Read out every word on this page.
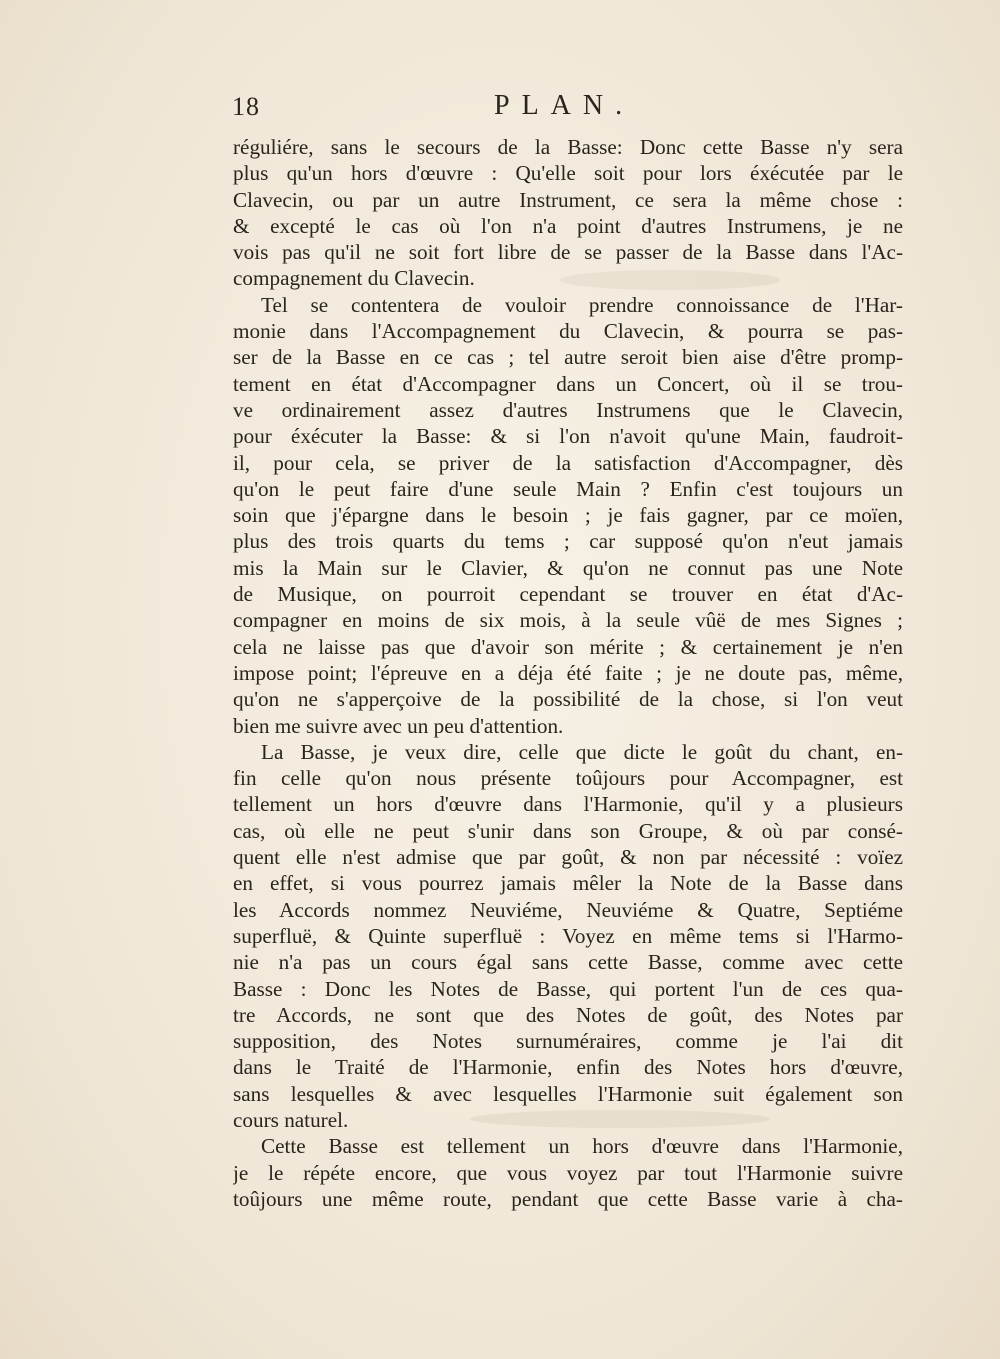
18	PLAN.
réguliére, sans le secours de la Basse: Donc cette Basse n'y sera
plus qu'un hors d'œuvre : Qu'elle soit pour lors éxécutée par le
Clavecin, ou par un autre Instrument, ce sera la même chose :
& excepté le cas où l'on n'a point d'autres Instrumens, je ne
vois pas qu'il ne soit fort libre de se passer de la Basse dans l'Ac-
compagnement du Clavecin.
Tel se contentera de vouloir prendre connoissance de l'Har-
monie dans l'Accompagnement du Clavecin, & pourra se pas-
ser de la Basse en ce cas ; tel autre seroit bien aise d'être promp-
tement en état d'Accompagner dans un Concert, où il se trou-
ve ordinairement assez d'autres Instrumens que le Clavecin,
pour éxécuter la Basse: & si l'on n'avoit qu'une Main, faudroit-
il, pour cela, se priver de la satisfaction d'Accompagner, dès
qu'on le peut faire d'une seule Main ? Enfin c'est toujours un
soin que j'épargne dans le besoin ; je fais gagner, par ce moïen,
plus des trois quarts du tems ; car supposé qu'on n'eut jamais
mis la Main sur le Clavier, & qu'on ne connut pas une Note
de Musique, on pourroit cependant se trouver en état d'Ac-
compagner en moins de six mois, à la seule vûë de mes Signes ;
cela ne laisse pas que d'avoir son mérite ; & certainement je n'en
impose point; l'épreuve en a déja été faite ; je ne doute pas, même,
qu'on ne s'apperçoive de la possibilité de la chose, si l'on veut
bien me suivre avec un peu d'attention.
La Basse, je veux dire, celle que dicte le goût du chant, en-
fin celle qu'on nous présente toûjours pour Accompagner, est
tellement un hors d'œuvre dans l'Harmonie, qu'il y a plusieurs
cas, où elle ne peut s'unir dans son Groupe, & où par consé-
quent elle n'est admise que par goût, & non par nécessité : voïez
en effet, si vous pourrez jamais mêler la Note de la Basse dans
les Accords nommez Neuviéme, Neuviéme & Quatre, Septiéme
superfluë, & Quinte superfluë : Voyez en même tems si l'Harmo-
nie n'a pas un cours égal sans cette Basse, comme avec cette
Basse : Donc les Notes de Basse, qui portent l'un de ces qua-
tre Accords, ne sont que des Notes de goût, des Notes par
supposition, des Notes surnuméraires, comme je l'ai dit
dans le Traité de l'Harmonie, enfin des Notes hors d'œuvre,
sans lesquelles & avec lesquelles l'Harmonie suit également son
cours naturel.
Cette Basse est tellement un hors d'œuvre dans l'Harmonie,
je le répéte encore, que vous voyez par tout l'Harmonie suivre
toûjours une même route, pendant que cette Basse varie à cha-
